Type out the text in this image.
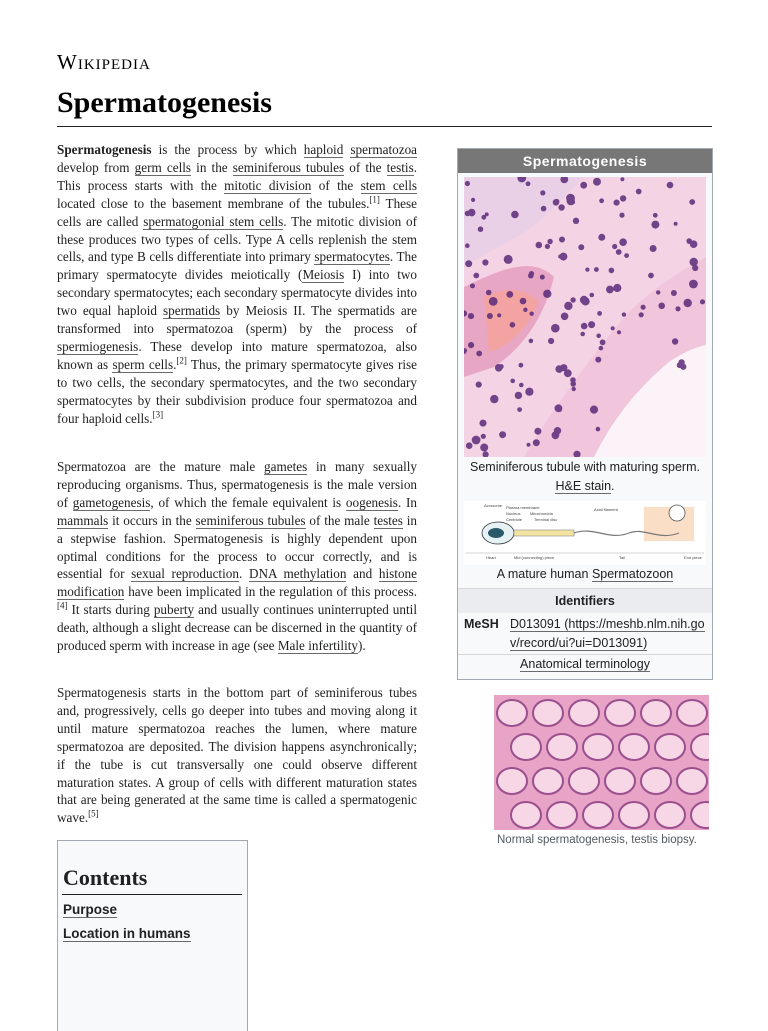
Wikipedia
Spermatogenesis

Spermatogenesis is the process by which haploid spermatozoa develop from germ cells in the seminiferous tubules of the testis. This process starts with the mitotic division of the stem cells located close to the basement membrane of the tubules.[1] These cells are called spermatogonial stem cells. The mitotic division of these produces two types of cells. Type A cells replenish the stem cells, and type B cells differentiate into primary spermatocytes. The primary spermatocyte divides meiotically (Meiosis I) into two secondary spermatocytes; each secondary spermatocyte divides into two equal haploid spermatids by Meiosis II. The spermatids are transformed into spermatozoa (sperm) by the process of spermiogenesis. These develop into mature spermatozoa, also known as sperm cells.[2] Thus, the primary spermatocyte gives rise to two cells, the secondary spermatocytes, and the two secondary spermatocytes by their subdivision produce four spermatozoa and four haploid cells.[3]

Spermatozoa are the mature male gametes in many sexually reproducing organisms. Thus, spermatogenesis is the male version of gametogenesis, of which the female equivalent is oogenesis. In mammals it occurs in the seminiferous tubules of the male testes in a stepwise fashion. Spermatogenesis is highly dependent upon optimal conditions for the process to occur correctly, and is essential for sexual reproduction. DNA methylation and histone modification have been implicated in the regulation of this process.[4] It starts during puberty and usually continues uninterrupted until death, although a slight decrease can be discerned in the quantity of produced sperm with increase in age (see Male infertility).

Spermatogenesis starts in the bottom part of seminiferous tubes and, progressively, cells go deeper into tubes and moving along it until mature spermatozoa reaches the lumen, where mature spermatozoa are deposited. The division happens asynchronically; if the tube is cut transversally one could observe different maturation states. A group of cells with different maturation states that are being generated at the same time is called a spermatogenic wave.[5]

Spermatogenesis
Seminiferous tubule with maturing sperm. H&E stain.
Acrosome Plasma membrane
Nucleus
Centriole
Mitochondria
Terminal disc
Axial filament
Head	Mid (connecting) piece	Tail	End piece
A mature human Spermatozoon
Identifiers
MeSH D013091 (https://meshb.nlm.nih.gov/record/ui?ui=D013091)
Anatomical terminology
Normal spermatogenesis, testis biopsy.
Contents
Purpose
Location in humans
